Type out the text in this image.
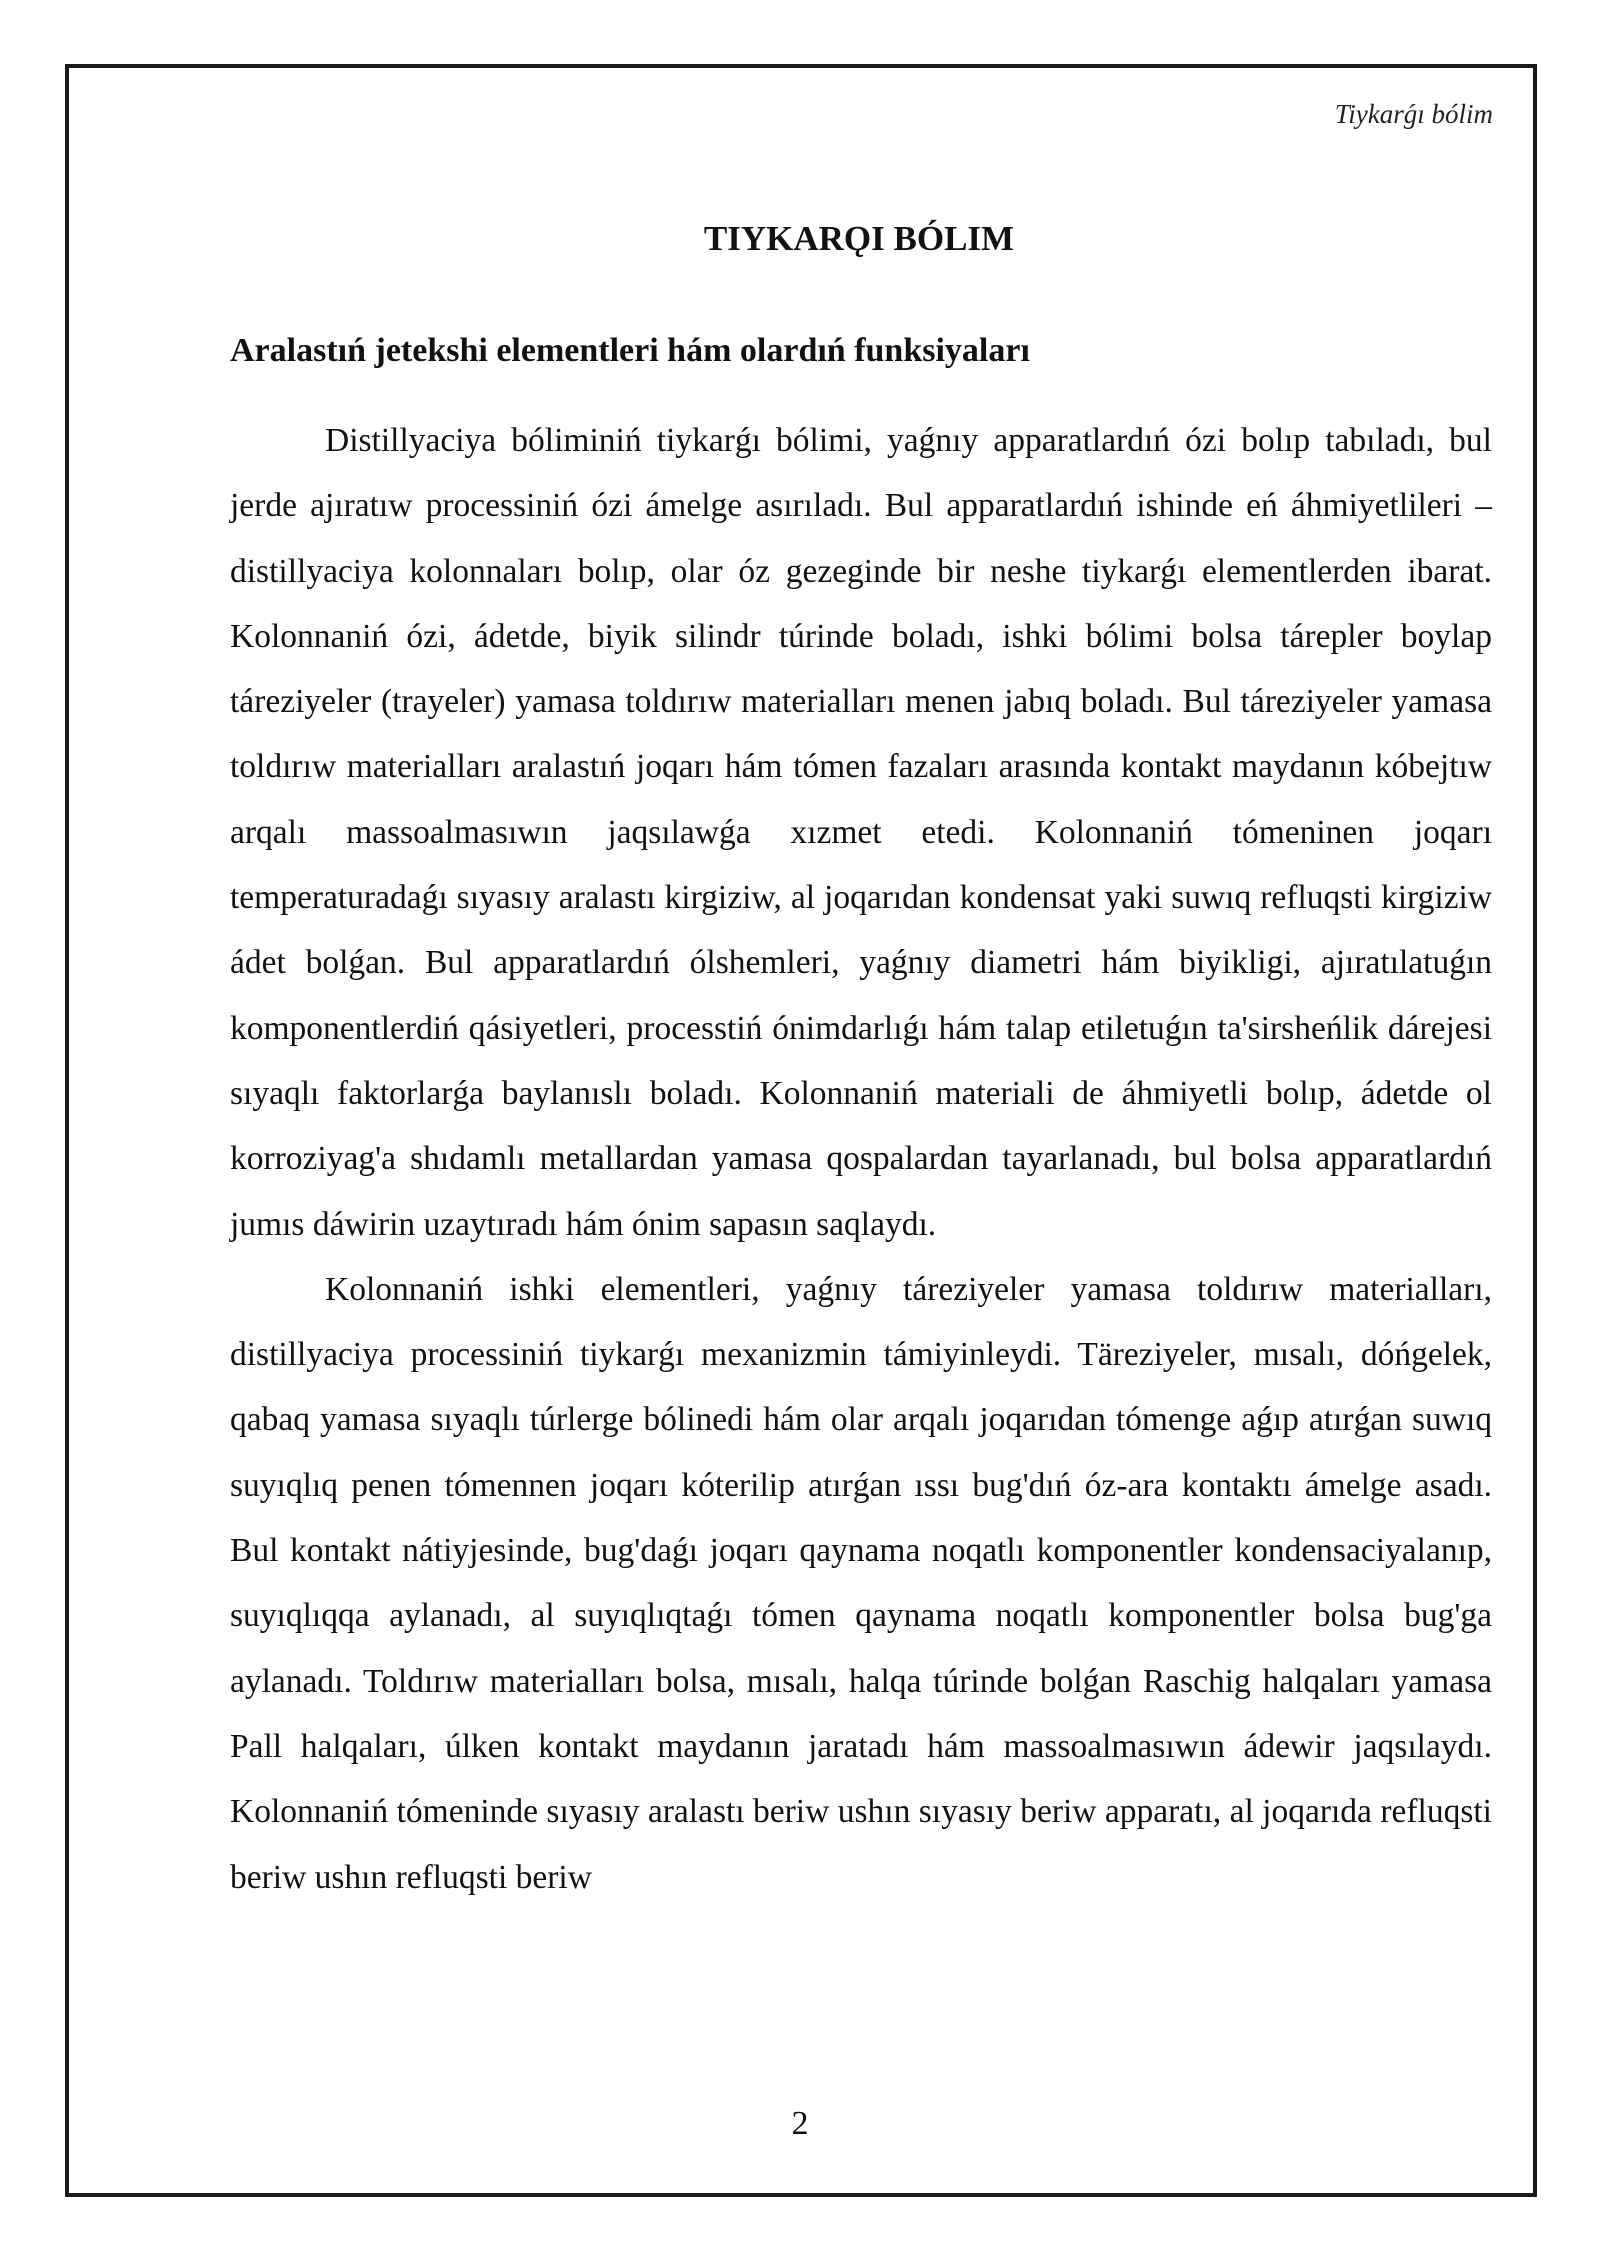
Tiykarǵı bólim
TIYKARǪI BÓLIM
Aralastıń jetekshi elementleri hám olardıń funksiyaları

Distillyaciya bóliminiń tiykarǵı bólimi, yaǵnıy apparatlardıń ózi bolıp tabıladı, bul jerde ajıratıw processiniń ózi ámelge asırıladı. Bul apparatlardıń ishinde eń áhmiyetlileri – distillyaciya kolonnaları bolıp, olar óz gezeginde bir neshe tiykarǵı elementlerden ibarat. Kolonnaniń ózi, ádetde, biyik silindr túrinde boladı, ishki bólimi bolsa tárepler boylap táreziyeler (trayeler) yamasa toldırıw materialları menen jabıq boladı. Bul táreziyeler yamasa toldırıw materialları aralastıń joqarı hám tómen fazaları arasında kontakt maydanın kóbejtıw arqalı massoalmasıwın jaqsılawǵa xızmet etedi. Kolonnaniń tómeninen joqarı temperaturadaǵı sıyasıy aralastı kirgiziw, al joqarıdan kondensat yaki suwıq refluqsti kirgiziw ádet bolǵan. Bul apparatlardıń ólshemleri, yaǵnıy diametri hám biyikligi, ajıratılatuǵın komponentlerdiń qásiyetleri, processtiń ónimdarlıǵı hám talap etiletuǵın ta'sirsheńlik dárejesi sıyaqlı faktorlarǵa baylanıslı boladı. Kolonnaniń materiali de áhmiyetli bolıp, ádetde ol korroziyag'a shıdamlı metallardan yamasa qospalardan tayarlanadı, bul bolsa apparatlardıń jumıs dáwirin uzaytıradı hám ónim sapasın saqlaydı.

Kolonnaniń ishki elementleri, yaǵnıy táreziyeler yamasa toldırıw materialları, distillyaciya processiniń tiykarǵı mexanizmin támiyinleydi. Täreziyeler, mısalı, dóńgelek, qabaq yamasa sıyaqlı túrlerge bólinedi hám olar arqalı joqarıdan tómenge aǵıp atırǵan suwıq suyıqlıq penen tómennen joqarı kóterilip atırǵan ıssı bug'dıń óz-ara kontaktı ámelge asadı. Bul kontakt nátiyjesinde, bug'daǵı joqarı qaynama noqatlı komponentler kondensaciyalanıp, suyıqlıqqa aylanadı, al suyıqlıqtaǵı tómen qaynama noqatlı komponentler bolsa bug'ga aylanadı. Toldırıw materialları bolsa, mısalı, halqa túrinde bolǵan Raschig halqaları yamasa Pall halqaları, úlken kontakt maydanın jaratadı hám massoalmasıwın ádewir jaqsılaydı. Kolonnaniń tómeninde sıyasıy aralastı beriw ushın sıyasıy beriw apparatı, al joqarıda refluqsti beriw ushın refluqsti beriw

2
